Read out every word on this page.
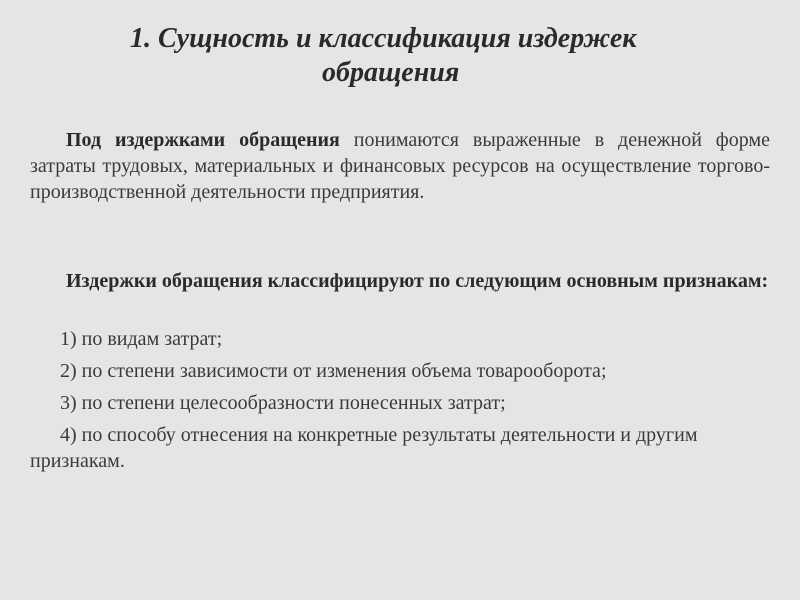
1. Сущность и классификация издержек
обращения

Под издержками обращения понимаются выраженные в денежной форме затраты трудовых, материальных и финансовых ресурсов на осуществление торгово-производственной деятельности предприятия.

Издержки обращения классифицируют по следующим основным признакам:

1) по видам затрат;
2) по степени зависимости от изменения объема товарооборота;
3) по степени целесообразности понесенных затрат;
4) по способу отнесения на конкретные результаты деятельности и другим признакам.
